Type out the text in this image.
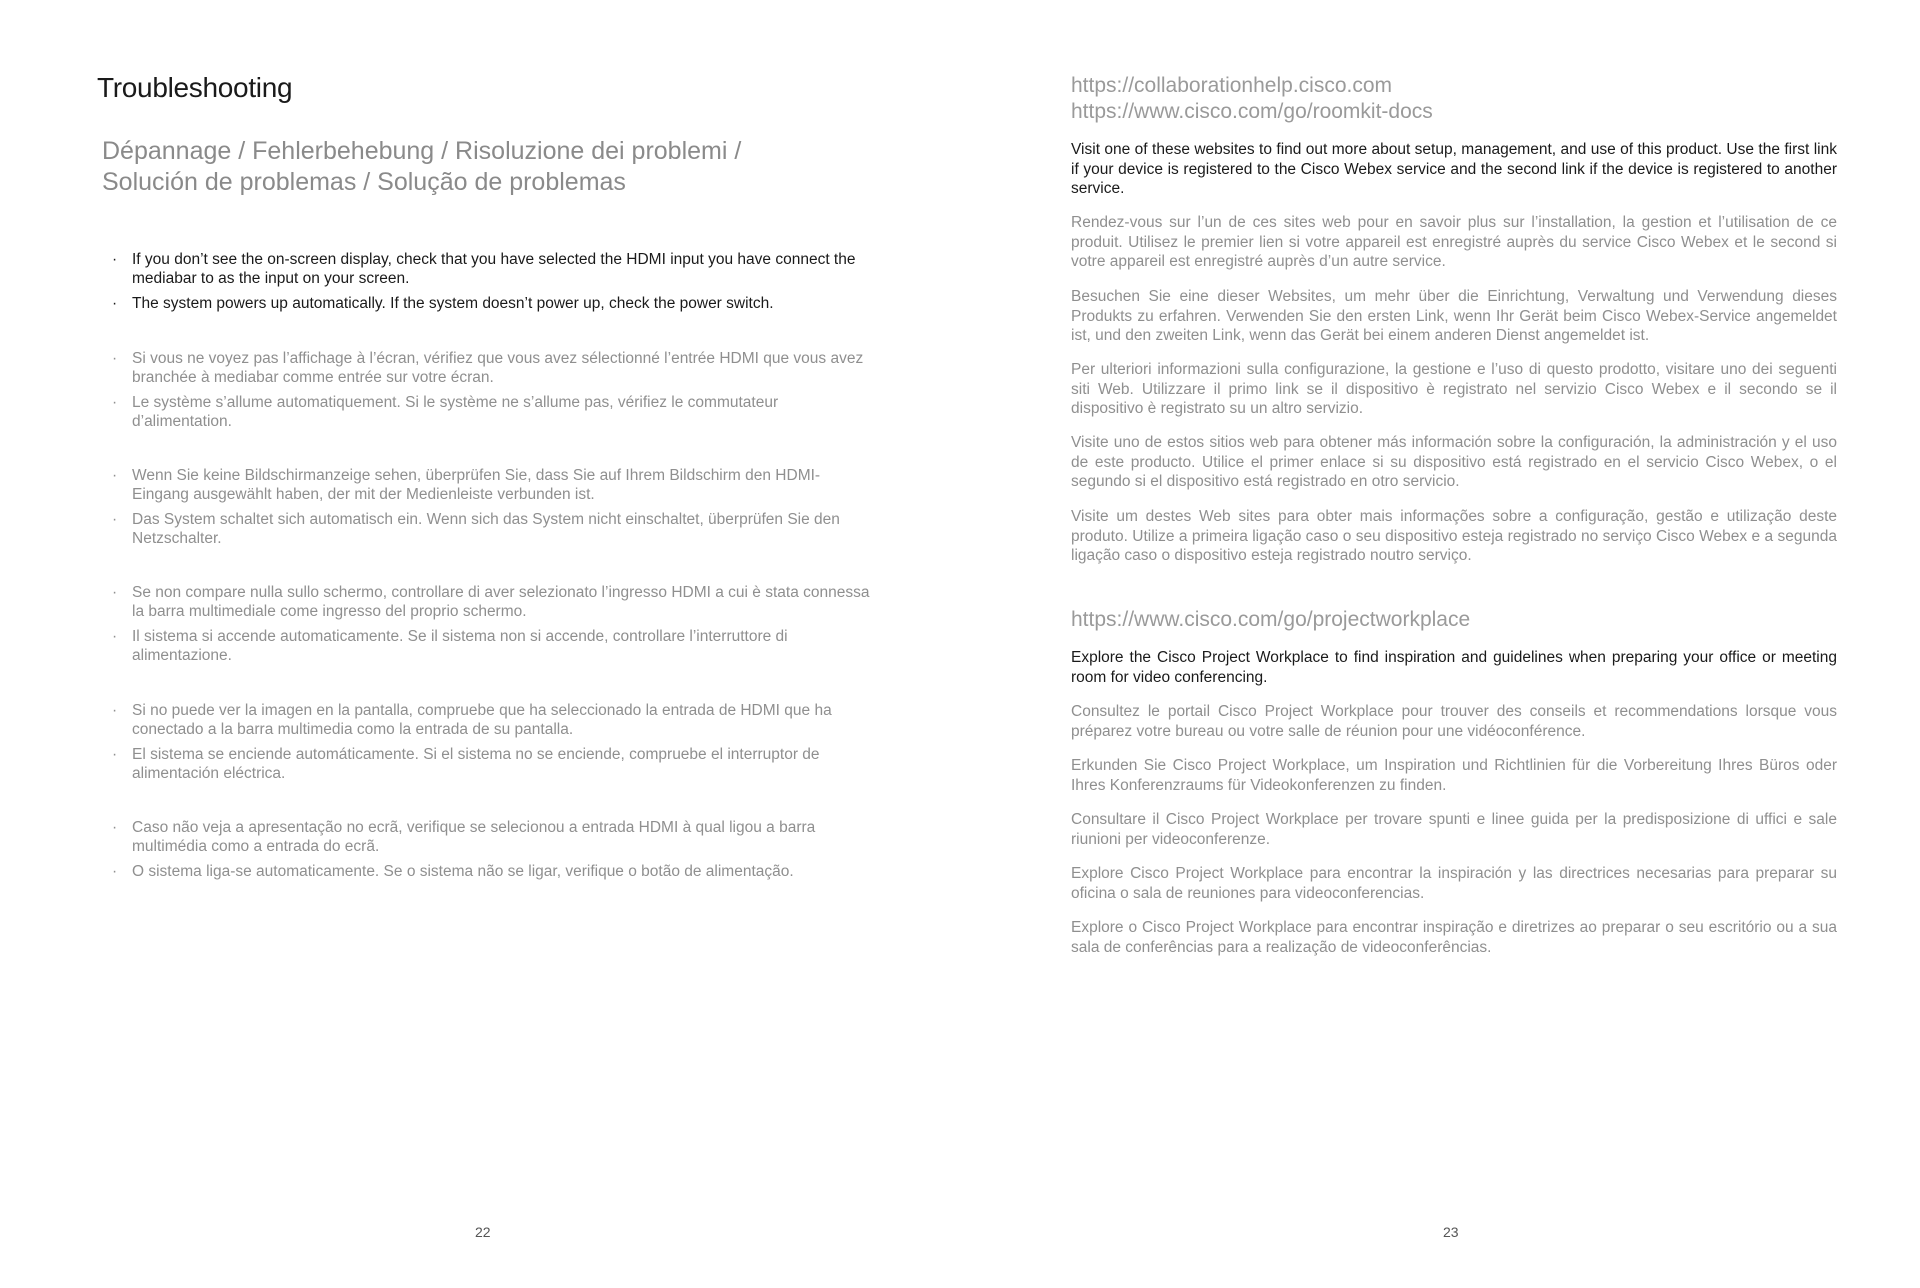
Troubleshooting

Dépannage / Fehlerbehebung / Risoluzione dei problemi / Solución de problemas / Solução de problemas

· If you don’t see the on-screen display, check that you have selected the HDMI input you have connect the mediabar to as the input on your screen.
· The system powers up automatically. If the system doesn’t power up, check the power switch.
· Si vous ne voyez pas l’affichage à l’écran, vérifiez que vous avez sélectionné l’entrée HDMI que vous avez branchée à mediabar comme entrée sur votre écran.
· Le système s’allume automatiquement. Si le système ne s’allume pas, vérifiez le commutateur d’alimentation.
· Wenn Sie keine Bildschirmanzeige sehen, überprüfen Sie, dass Sie auf Ihrem Bildschirm den HDMI-Eingang ausgewählt haben, der mit der Medienleiste verbunden ist.
· Das System schaltet sich automatisch ein. Wenn sich das System nicht einschaltet, überprüfen Sie den Netzschalter.
· Se non compare nulla sullo schermo, controllare di aver selezionato l’ingresso HDMI a cui è stata connessa la barra multimediale come ingresso del proprio schermo.
· Il sistema si accende automaticamente. Se il sistema non si accende, controllare l’interruttore di alimentazione.
· Si no puede ver la imagen en la pantalla, compruebe que ha seleccionado la entrada de HDMI que ha conectado a la barra multimedia como la entrada de su pantalla.
· El sistema se enciende automáticamente. Si el sistema no se enciende, compruebe el interruptor de alimentación eléctrica.
· Caso não veja a apresentação no ecrã, verifique se selecionou a entrada HDMI à qual ligou a barra multimédia como a entrada do ecrã.
· O sistema liga-se automaticamente. Se o sistema não se ligar, verifique o botão de alimentação.
22

https://collaborationhelp.cisco.com

https://www.cisco.com/go/roomkit-docs

Visit one of these websites to find out more about setup, management, and use of this product. Use the first link if your device is registered to the Cisco Webex service and the second link if the device is registered to another service.

Rendez-vous sur l’un de ces sites web pour en savoir plus sur l’installation, la gestion et l’utilisation de ce produit. Utilisez le premier lien si votre appareil est enregistré auprès du service Cisco Webex et le second si votre appareil est enregistré auprès d’un autre service.

Besuchen Sie eine dieser Websites, um mehr über die Einrichtung, Verwaltung und Verwendung dieses Produkts zu erfahren. Verwenden Sie den ersten Link, wenn Ihr Gerät beim Cisco Webex-Service angemeldet ist, und den zweiten Link, wenn das Gerät bei einem anderen Dienst angemeldet ist.

Per ulteriori informazioni sulla configurazione, la gestione e l’uso di questo prodotto, visitare uno dei seguenti siti Web. Utilizzare il primo link se il dispositivo è registrato nel servizio Cisco Webex e il secondo se il dispositivo è registrato su un altro servizio.

Visite uno de estos sitios web para obtener más información sobre la configuración, la administración y el uso de este producto. Utilice el primer enlace si su dispositivo está registrado en el servicio Cisco Webex, o el segundo si el dispositivo está registrado en otro servicio.

Visite um destes Web sites para obter mais informações sobre a configuração, gestão e utilização deste produto. Utilize a primeira ligação caso o seu dispositivo esteja registrado no serviço Cisco Webex e a segunda ligação caso o dispositivo esteja registrado noutro serviço.

https://www.cisco.com/go/projectworkplace

Explore the Cisco Project Workplace to find inspiration and guidelines when preparing your office or meeting room for video conferencing.

Consultez le portail Cisco Project Workplace pour trouver des conseils et recommendations lorsque vous préparez votre bureau ou votre salle de réunion pour une vidéoconférence.

Erkunden Sie Cisco Project Workplace, um Inspiration und Richtlinien für die Vorbereitung Ihres Büros oder Ihres Konferenzraums für Videokonferenzen zu finden.

Consultare il Cisco Project Workplace per trovare spunti e linee guida per la predisposizione di uffici e sale riunioni per videoconferenze.

Explore Cisco Project Workplace para encontrar la inspiración y las directrices necesarias para preparar su oficina o sala de reuniones para videoconferencias.

Explore o Cisco Project Workplace para encontrar inspiração e diretrizes ao preparar o seu escritório ou a sua sala de conferências para a realização de videoconferências.

23
